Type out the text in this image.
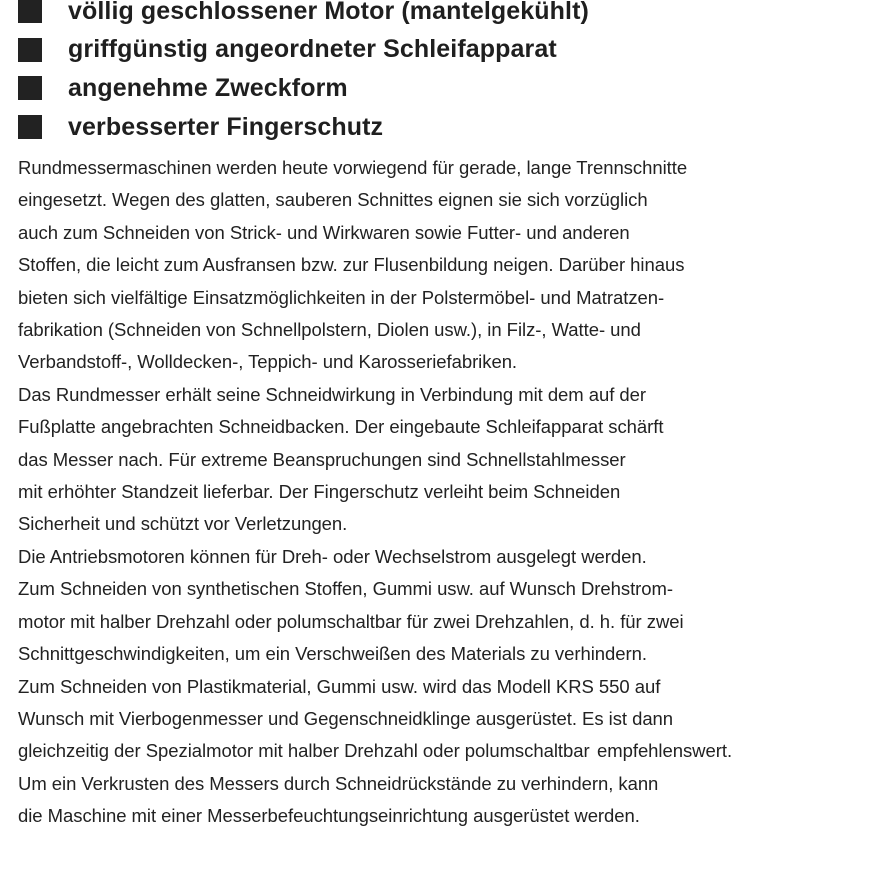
völlig geschlossener Motor (mantelgekühlt)
griffgünstig angeordneter Schleifapparat
angenehme Zweckform
verbesserter Fingerschutz
Rundmessermaschinen werden heute vorwiegend für gerade, lange Trennschnitte eingesetzt. Wegen des glatten, sauberen Schnittes eignen sie sich vorzüglich auch zum Schneiden von Strick- und Wirkwaren sowie Futter- und anderen Stoffen, die leicht zum Ausfransen bzw. zur Flusenbildung neigen. Darüber hinaus bieten sich vielfältige Einsatzmöglichkeiten in der Polstermöbel- und Matratzen- fabrikation (Schneiden von Schnellpolstern, Diolen usw.), in Filz-, Watte- und Verbandstoff-, Wolldecken-, Teppich- und Karosseriefabriken. Das Rundmesser erhält seine Schneidwirkung in Verbindung mit dem auf der Fußplatte angebrachten Schneidbacken. Der eingebaute Schleifapparat schärft das Messer nach. Für extreme Beanspruchungen sind Schnellstahlmesser mit erhöhter Standzeit lieferbar. Der Fingerschutz verleiht beim Schneiden Sicherheit und schützt vor Verletzungen. Die Antriebsmotoren können für Dreh- oder Wechselstrom ausgelegt werden. Zum Schneiden von synthetischen Stoffen, Gummi usw. auf Wunsch Drehstrom- motor mit halber Drehzahl oder polumschaltbar für zwei Drehzahlen, d. h. für zwei Schnittgeschwindigkeiten, um ein Verschweißen des Materials zu verhindern. Zum Schneiden von Plastikmaterial, Gummi usw. wird das Modell KRS 550 auf Wunsch mit Vierbogenmesser und Gegenschneidklinge ausgerüstet. Es ist dann gleichzeitig der Spezialmotor mit halber Drehzahl oder polumschaltbar empfehlenswert. Um ein Verkrusten des Messers durch Schneidrückstände zu verhindern, kann die Maschine mit einer Messerbefeuchtungseinrichtung ausgerüstet werden.
